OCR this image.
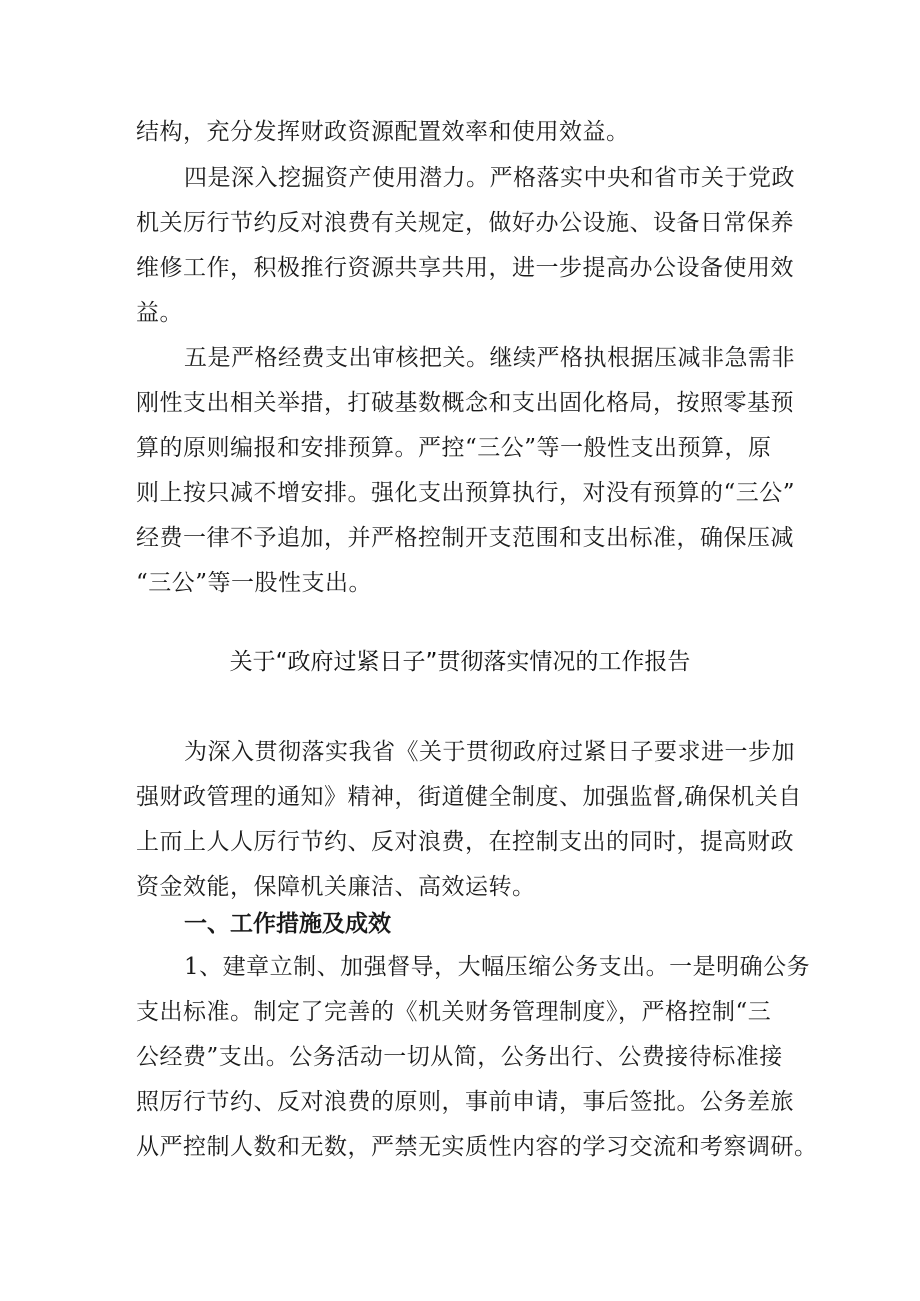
结构，充分发挥财政资源配置效率和使用效益。
四是深入挖掘资产使用潜力。严格落实中央和省市关于党政
机关厉行节约反对浪费有关规定，做好办公设施、设备日常保养
维修工作，积极推行资源共享共用，进一步提高办公设备使用效
益。
五是严格经费支出审核把关。继续严格执根据压减非急需非
刚性支出相关举措，打破基数概念和支出固化格局，按照零基预
算的原则编报和安排预算。严控“三公”等一般性支出预算，原
则上按只减不增安排。强化支出预算执行，对没有预算的“三公”
经费一律不予追加，并严格控制开支范围和支出标准，确保压减
“三公”等一股性支出。
关于“政府过紧日子”贯彻落实情况的工作报告
为深入贯彻落实我省《关于贯彻政府过紧日子要求进一步加
强财政管理的通知》精神，街道健全制度、加强监督,确保机关自
上而上人人厉行节约、反对浪费，在控制支出的同时，提高财政
资金效能，保障机关廉洁、高效运转。
一、工作措施及成效
1、建章立制、加强督导，大幅压缩公务支出。一是明确公务
支出标准。制定了完善的《机关财务管理制度》，严格控制“三
公经费”支出。公务活动一切从简，公务出行、公费接待标准接
照厉行节约、反对浪费的原则，事前申请，事后签批。公务差旅
从严控制人数和无数，严禁无实质性内容的学习交流和考察调研。
